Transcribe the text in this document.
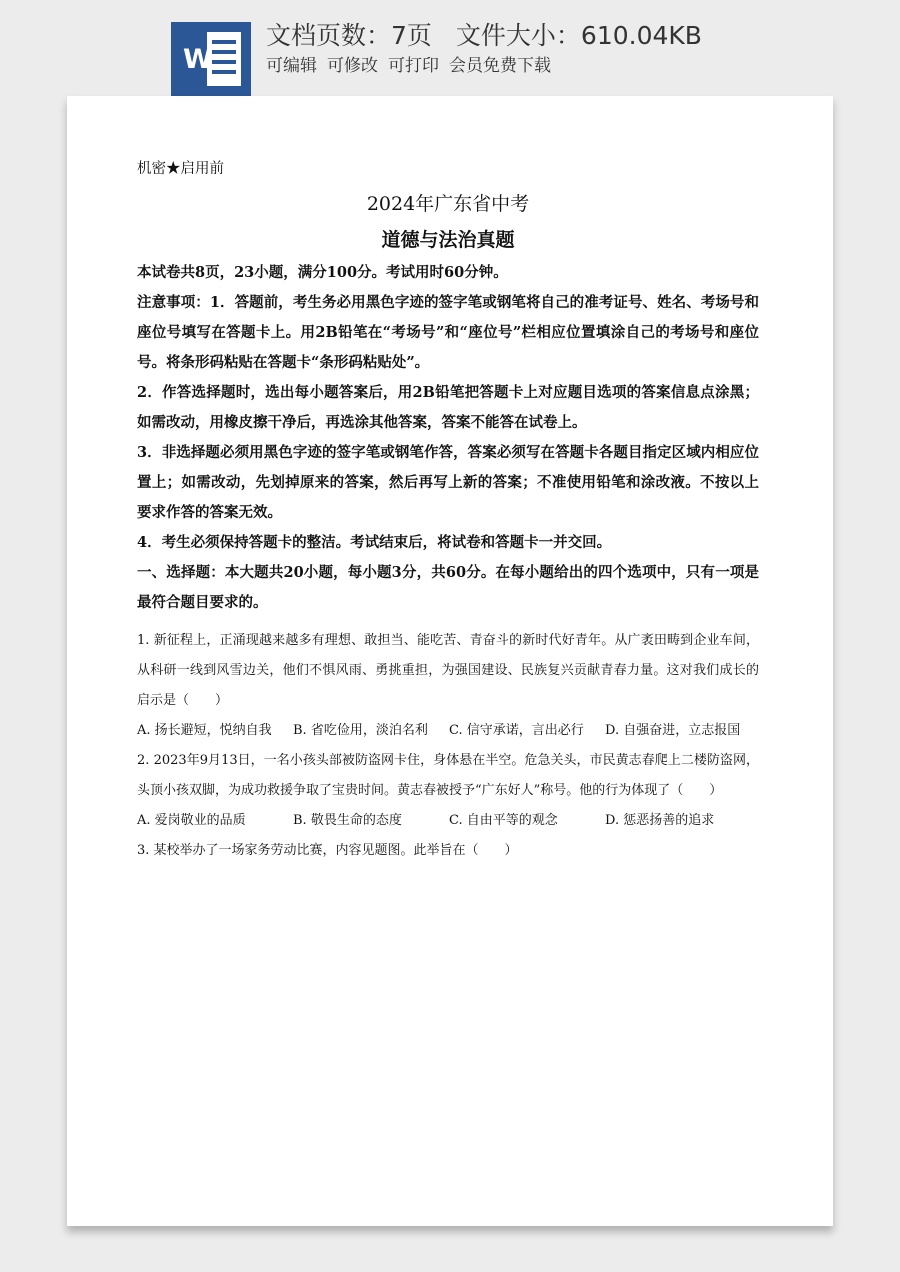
W
文档页数：7页 文件大小：610.04KB
可编辑 可修改 可打印 会员免费下载

机密★启用前

2024年广东省中考

道德与法治真题

本试卷共8页，23小题，满分100分。考试用时60分钟。

注意事项：1．答题前，考生务必用黑色字迹的签字笔或钢笔将自己的准考证号、姓名、考场号和座位号填写在答题卡上。用2B铅笔在“考场号”和“座位号”栏相应位置填涂自己的考场号和座位号。将条形码粘贴在答题卡“条形码粘贴处”。

2．作答选择题时，选出每小题答案后，用2B铅笔把答题卡上对应题目选项的答案信息点涂黑；如需改动，用橡皮擦干净后，再选涂其他答案，答案不能答在试卷上。

3．非选择题必须用黑色字迹的签字笔或钢笔作答，答案必须写在答题卡各题目指定区域内相应位置上；如需改动，先划掉原来的答案，然后再写上新的答案；不准使用铅笔和涂改液。不按以上要求作答的答案无效。

4．考生必须保持答题卡的整洁。考试结束后，将试卷和答题卡一并交回。

一、选择题：本大题共20小题，每小题3分，共60分。在每小题给出的四个选项中，只有一项是最符合题目要求的。

1. 新征程上，正涌现越来越多有理想、敢担当、能吃苦、青奋斗的新时代好青年。从广袤田畴到企业车间，从科研一线到风雪边关，他们不惧风雨、勇挑重担，为强国建设、民族复兴贡献青春力量。这对我们成长的启示是（　　）

A. 扬长避短，悦纳自我	B. 省吃俭用，淡泊名利	C. 信守承诺，言出必行	D. 自强奋进，立志报国

2. 2023年9月13日，一名小孩头部被防盗网卡住，身体悬在半空。危急关头，市民黄志春爬上二楼防盗网，头顶小孩双脚，为成功救援争取了宝贵时间。黄志春被授予“广东好人”称号。他的行为体现了（　　）

A. 爱岗敬业的品质	B. 敬畏生命的态度	C. 自由平等的观念	D. 惩恶扬善的追求

3. 某校举办了一场家务劳动比赛，内容见题图。此举旨在（　　）
